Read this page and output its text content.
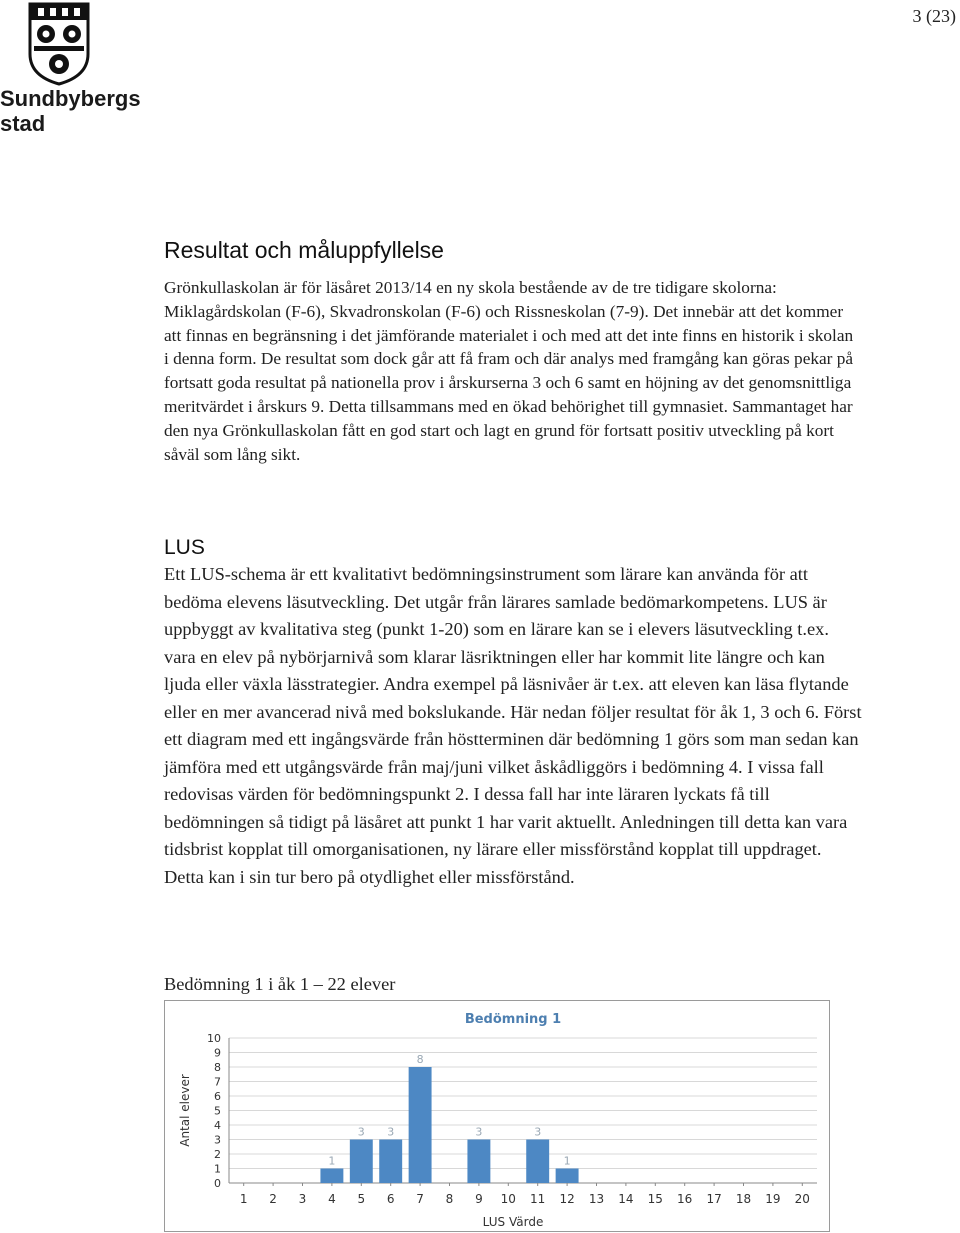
Sundbybergs
stad
3 (23)
Resultat och måluppfyllelse

Grönkullaskolan är för läsåret 2013/14 en ny skola bestående av de tre tidigare skolorna: Miklagårdskolan (F-6), Skvadronskolan (F-6) och Rissneskolan (7-9). Det innebär att det kommer att finnas en begränsning i det jämförande materialet i och med att det inte finns en historik i skolan i denna form. De resultat som dock går att få fram och där analys med framgång kan göras pekar på fortsatt goda resultat på nationella prov i årskurserna 3 och 6 samt en höjning av det genomsnittliga meritvärdet i årskurs 9. Detta tillsammans med en ökad behörighet till gymnasiet. Sammantaget har den nya Grönkullaskolan fått en god start och lagt en grund för fortsatt positiv utveckling på kort såväl som lång sikt.

LUS

Ett LUS-schema är ett kvalitativt bedömningsinstrument som lärare kan använda för att bedöma elevens läsutveckling. Det utgår från lärares samlade bedömarkompetens. LUS är uppbyggt av kvalitativa steg (punkt 1-20) som en lärare kan se i elevers läsutveckling t.ex. vara en elev på nybörjarnivå som klarar läsriktningen eller har kommit lite längre och kan ljuda eller växla lässtrategier. Andra exempel på läsnivåer är t.ex. att eleven kan läsa flytande eller en mer avancerad nivå med bokslukande. Här nedan följer resultat för åk 1, 3 och 6. Först ett diagram med ett ingångsvärde från höstterminen där bedömning 1 görs som man sedan kan jämföra med ett utgångsvärde från maj/juni vilket åskådliggörs i bedömning 4. I vissa fall redovisas värden för bedömningspunkt 2. I dessa fall har inte läraren lyckats få till bedömningen så tidigt på läsåret att punkt 1 har varit aktuellt. Anledningen till detta kan vara tidsbrist kopplat till omorganisationen, ny lärare eller missförstånd kopplat till uppdraget. Detta kan i sin tur bero på otydlighet eller missförstånd.

Bedömning 1 i åk 1 – 22 elever

Bedömning 1
0
1
2
3
4
5
6
7
8
9
10
1 2 3
1
4
3
5
3
6
8
7 8
3
9 10
3
11
1
12 13 14 15 16 17 18 19 20
LUS Värde
Antal elever
